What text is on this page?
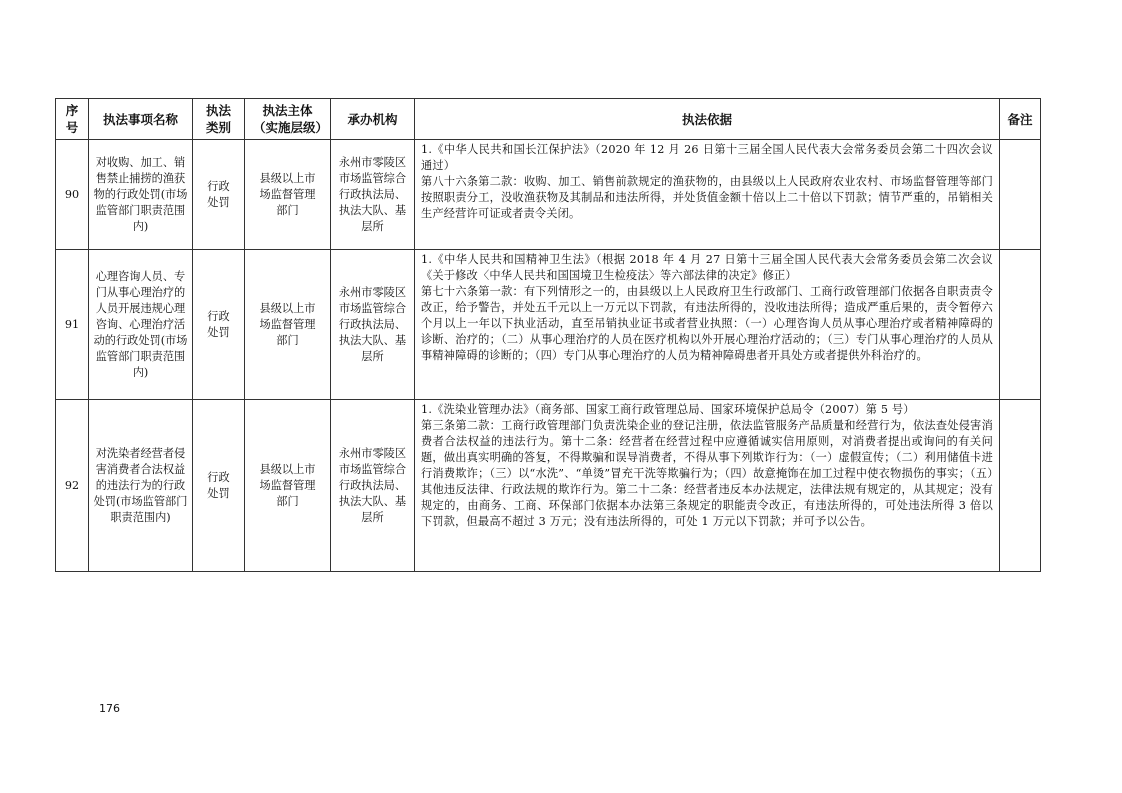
序号	执法事项名称	执法类别	执法主体（实施层级）	承办机构	执法依据	备注
90	对收购、加工、销售禁止捕捞的渔获物的行政处罚(市场监管部门职责范围内)	行政处罚	县级以上市场监督管理部门	永州市零陵区市场监管综合行政执法局、执法大队、基层所	1.《中华人民共和国长江保护法》（2020 年 12 月 26 日第十三届全国人民代表大会常务委员会第二十四次会议通过）
第八十六条第二款：收购、加工、销售前款规定的渔获物的，由县级以上人民政府农业农村、市场监督管理等部门按照职责分工，没收渔获物及其制品和违法所得，并处货值金额十倍以上二十倍以下罚款；情节严重的，吊销相关生产经营许可证或者责令关闭。	

91	心理咨询人员、专门从事心理治疗的人员开展违规心理咨询、心理治疗活动的行政处罚(市场监管部门职责范围内)	行政处罚	县级以上市场监督管理部门	永州市零陵区市场监管综合行政执法局、执法大队、基层所	1.《中华人民共和国精神卫生法》（根据 2018 年 4 月 27 日第十三届全国人民代表大会常务委员会第二次会议《关于修改〈中华人民共和国国境卫生检疫法〉等六部法律的决定》修正）
第七十六条第一款：有下列情形之一的，由县级以上人民政府卫生行政部门、工商行政管理部门依据各自职责责令改正，给予警告，并处五千元以上一万元以下罚款，有违法所得的，没收违法所得；造成严重后果的，责令暂停六个月以上一年以下执业活动，直至吊销执业证书或者营业执照：（一）心理咨询人员从事心理治疗或者精神障碍的诊断、治疗的；（二）从事心理治疗的人员在医疗机构以外开展心理治疗活动的；（三）专门从事心理治疗的人员从事精神障碍的诊断的；（四）专门从事心理治疗的人员为精神障碍患者开具处方或者提供外科治疗的。	

92	对洗染者经营者侵害消费者合法权益的违法行为的行政处罚(市场监管部门职责范围内)	行政处罚	县级以上市场监督管理部门	永州市零陵区市场监管综合行政执法局、执法大队、基层所	1.《洗染业管理办法》（商务部、国家工商行政管理总局、国家环境保护总局令（2007）第 5 号）
第三条第二款：工商行政管理部门负责洗染企业的登记注册，依法监管服务产品质量和经营行为，依法查处侵害消费者合法权益的违法行为。第十二条：经营者在经营过程中应遵循诚实信用原则，对消费者提出或询问的有关问题，做出真实明确的答复，不得欺骗和误导消费者，不得从事下列欺诈行为：（一）虚假宣传；（二）利用储值卡进行消费欺诈；（三）以“水洗”、“单烫”冒充干洗等欺骗行为；（四）故意掩饰在加工过程中使衣物损伤的事实；（五）其他违反法律、行政法规的欺诈行为。第二十二条：经营者违反本办法规定，法律法规有规定的，从其规定；没有规定的，由商务、工商、环保部门依据本办法第三条规定的职能责令改正，有违法所得的，可处违法所得 3 倍以下罚款，但最高不超过 3 万元；没有违法所得的，可处 1 万元以下罚款；并可予以公告。	

176
